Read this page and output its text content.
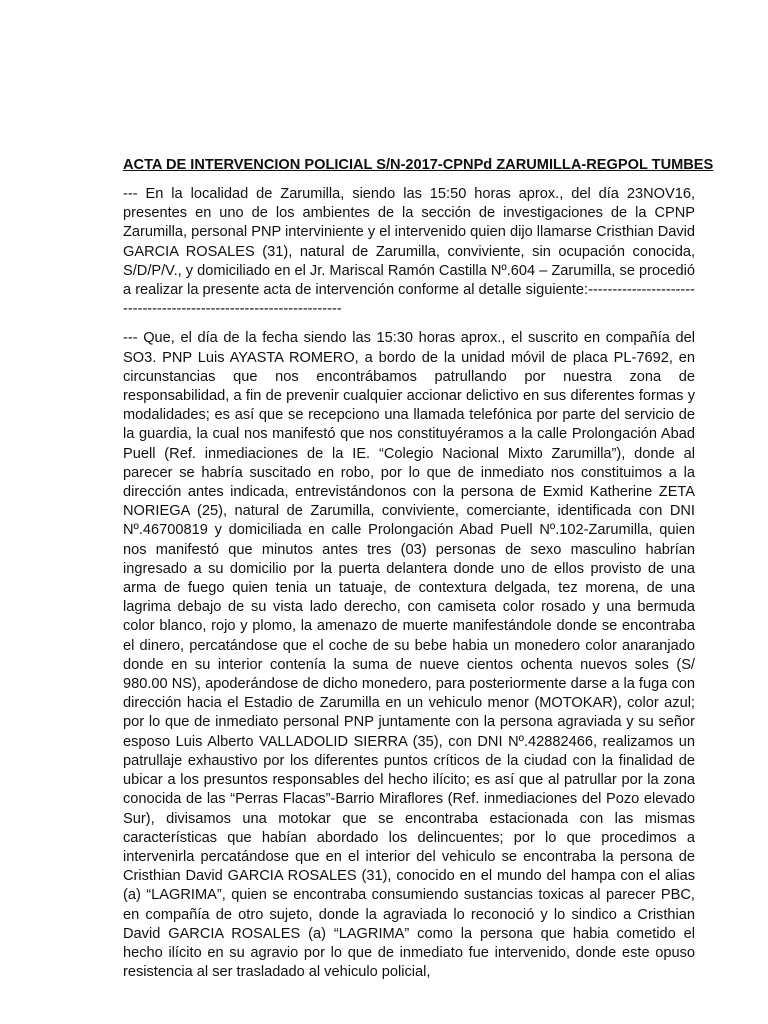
ACTA DE INTERVENCION POLICIAL S/N-2017-CPNPd ZARUMILLA-REGPOL TUMBES

--- En la localidad de Zarumilla, siendo las 15:50 horas aprox., del día 23NOV16, presentes en uno de los ambientes de la sección de investigaciones de la CPNP Zarumilla, personal PNP interviniente y el intervenido quien dijo llamarse Cristhian David GARCIA ROSALES (31), natural de Zarumilla, conviviente, sin ocupación conocida, S/D/P/V., y domiciliado en el Jr. Mariscal Ramón Castilla Nº.604 – Zarumilla, se procedió a realizar la presente acta de intervención conforme al detalle siguiente:-------------------------------------------------------------------

--- Que, el día de la fecha siendo las 15:30 horas aprox., el suscrito en compañía del SO3. PNP Luis AYASTA ROMERO, a bordo de la unidad móvil de placa PL-7692, en circunstancias que nos encontrábamos patrullando por nuestra zona de responsabilidad, a fin de prevenir cualquier accionar delictivo en sus diferentes formas y modalidades; es así que se recepciono una llamada telefónica por parte del servicio de la guardia, la cual nos manifestó que nos constituyéramos a la calle Prolongación Abad Puell (Ref. inmediaciones de la IE. “Colegio Nacional Mixto Zarumilla”), donde al parecer se habría suscitado en robo, por lo que de inmediato nos constituimos a la dirección antes indicada, entrevistándonos con la persona de Exmid Katherine ZETA NORIEGA (25), natural de Zarumilla, conviviente, comerciante, identificada con DNI Nº.46700819 y domiciliada en calle Prolongación Abad Puell Nº.102-Zarumilla, quien nos manifestó que minutos antes tres (03) personas de sexo masculino habrían ingresado a su domicilio por la puerta delantera donde uno de ellos provisto de una arma de fuego quien tenia un tatuaje, de contextura delgada, tez morena, de una lagrima debajo de su vista lado derecho, con camiseta color rosado y una bermuda color blanco, rojo y plomo, la amenazo de muerte manifestándole donde se encontraba el dinero, percatándose que el coche de su bebe habia un monedero color anaranjado donde en su interior contenía la suma de nueve cientos ochenta nuevos soles (S/ 980.00 NS), apoderándose de dicho monedero, para posteriormente darse a la fuga con dirección hacia el Estadio de Zarumilla en un vehiculo menor (MOTOKAR), color azul; por lo que de inmediato personal PNP juntamente con la persona agraviada y su señor esposo Luis Alberto VALLADOLID SIERRA (35), con DNI Nº.42882466, realizamos un patrullaje exhaustivo por los diferentes puntos críticos de la ciudad con la finalidad de ubicar a los presuntos responsables del hecho ilícito; es así que al patrullar por la zona conocida de las “Perras Flacas”-Barrio Miraflores (Ref. inmediaciones del Pozo elevado Sur), divisamos una motokar que se encontraba estacionada con las mismas características que habían abordado los delincuentes; por lo que procedimos a intervenirla percatándose que en el interior del vehiculo se encontraba la persona de Cristhian David GARCIA ROSALES (31), conocido en el mundo del hampa con el alias (a) “LAGRIMA”, quien se encontraba consumiendo sustancias toxicas al parecer PBC, en compañía de otro sujeto, donde la agraviada lo reconoció y lo sindico a Cristhian David GARCIA ROSALES (a) “LAGRIMA” como la persona que habia cometido el hecho ilícito en su agravio por lo que de inmediato fue intervenido, donde este opuso resistencia al ser trasladado al vehiculo policial,
